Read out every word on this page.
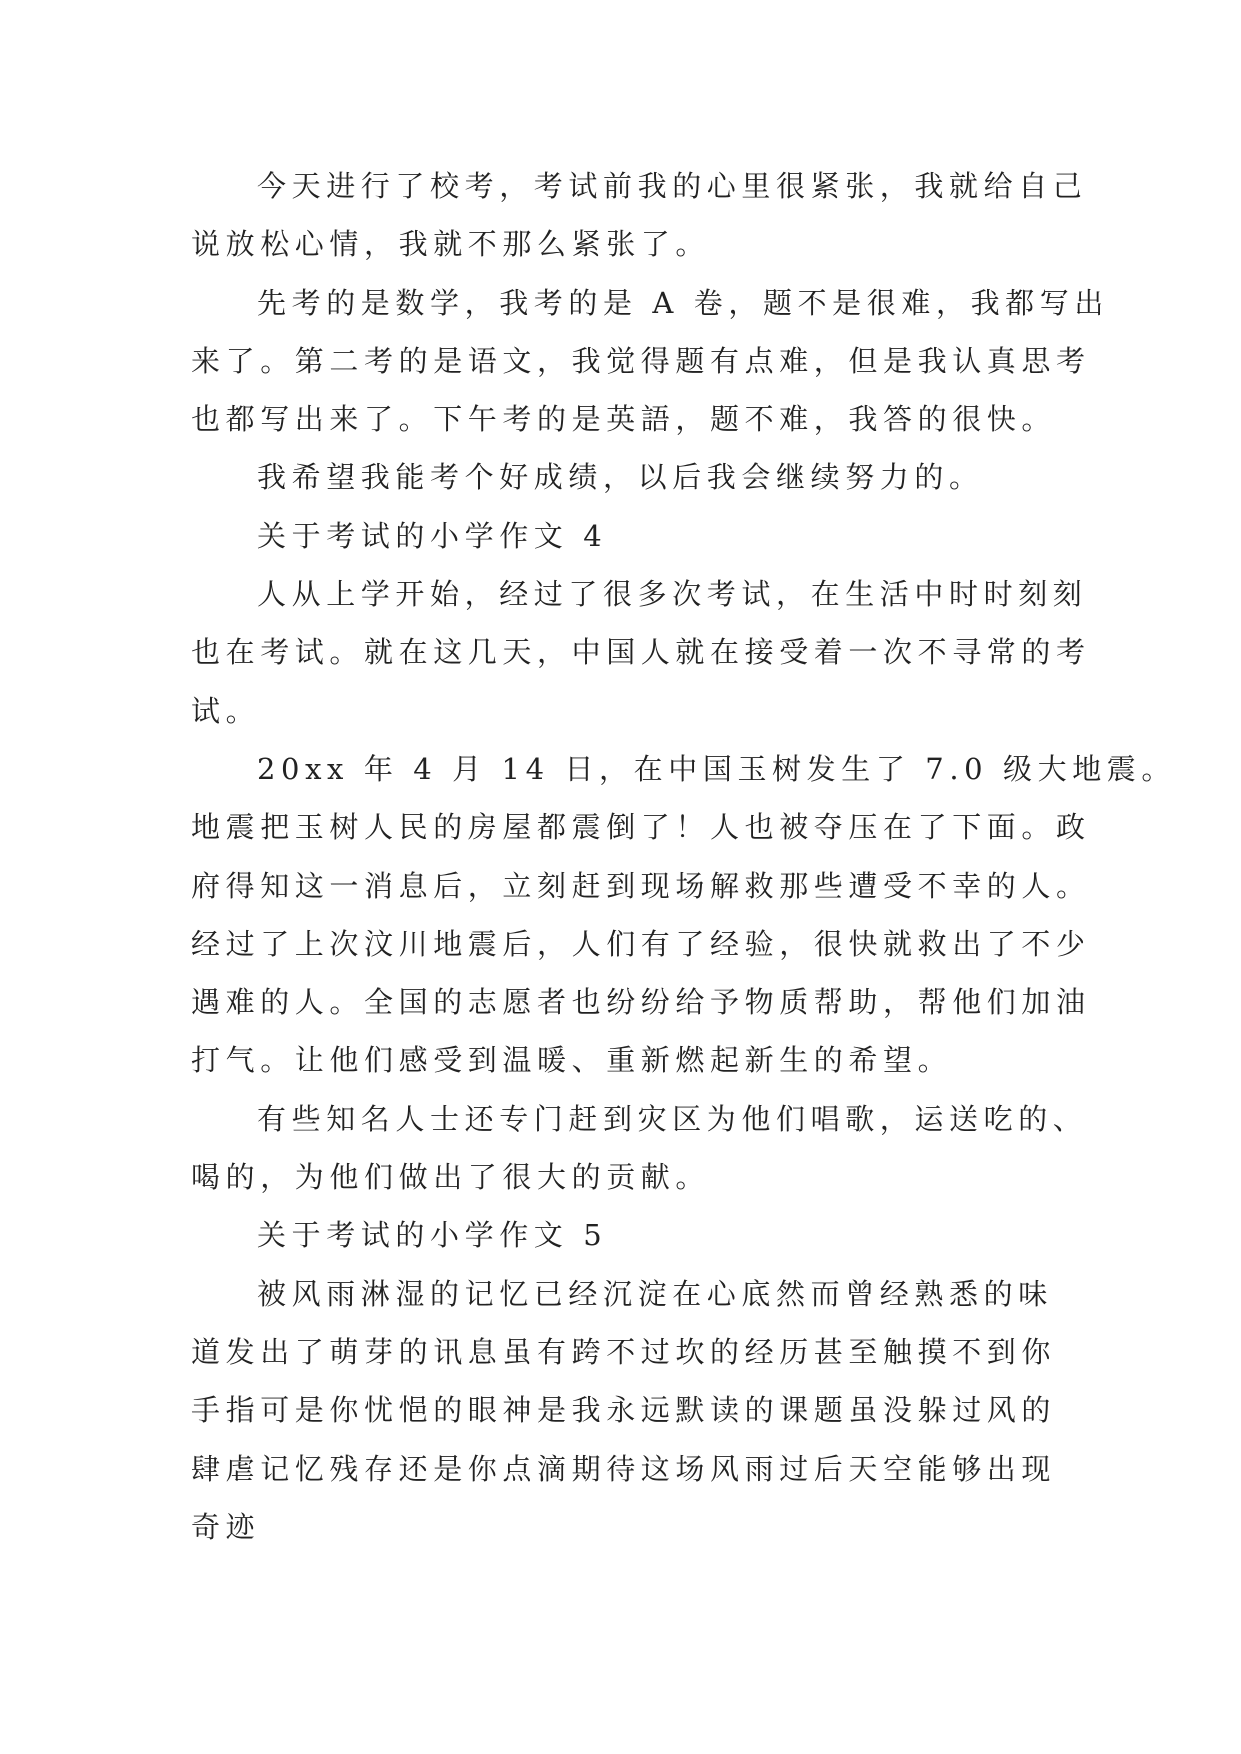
今天进行了校考，考试前我的心里很紧张，我就给自己
说放松心情，我就不那么紧张了。
先考的是数学，我考的是 A 卷，题不是很难，我都写出
来了。第二考的是语文，我觉得题有点难，但是我认真思考
也都写出来了。下午考的是英語，题不难，我答的很快。
我希望我能考个好成绩，以后我会继续努力的。
关于考试的小学作文 4
人从上学开始，经过了很多次考试，在生活中时时刻刻
也在考试。就在这几天，中国人就在接受着一次不寻常的考
试。
20xx 年 4 月 14 日，在中国玉树发生了 7.0 级大地震。
地震把玉树人民的房屋都震倒了！人也被夺压在了下面。政
府得知这一消息后，立刻赶到现场解救那些遭受不幸的人。
经过了上次汶川地震后，人们有了经验，很快就救出了不少
遇难的人。全国的志愿者也纷纷给予物质帮助，帮他们加油
打气。让他们感受到温暖、重新燃起新生的希望。
有些知名人士还专门赶到灾区为他们唱歌，运送吃的、
喝的，为他们做出了很大的贡献。
关于考试的小学作文 5
被风雨淋湿的记忆已经沉淀在心底然而曾经熟悉的味
道发出了萌芽的讯息虽有跨不过坎的经历甚至触摸不到你
手指可是你忧悒的眼神是我永远默读的课题虽没躲过风的
肆虐记忆残存还是你点滴期待这场风雨过后天空能够出现
奇迹
